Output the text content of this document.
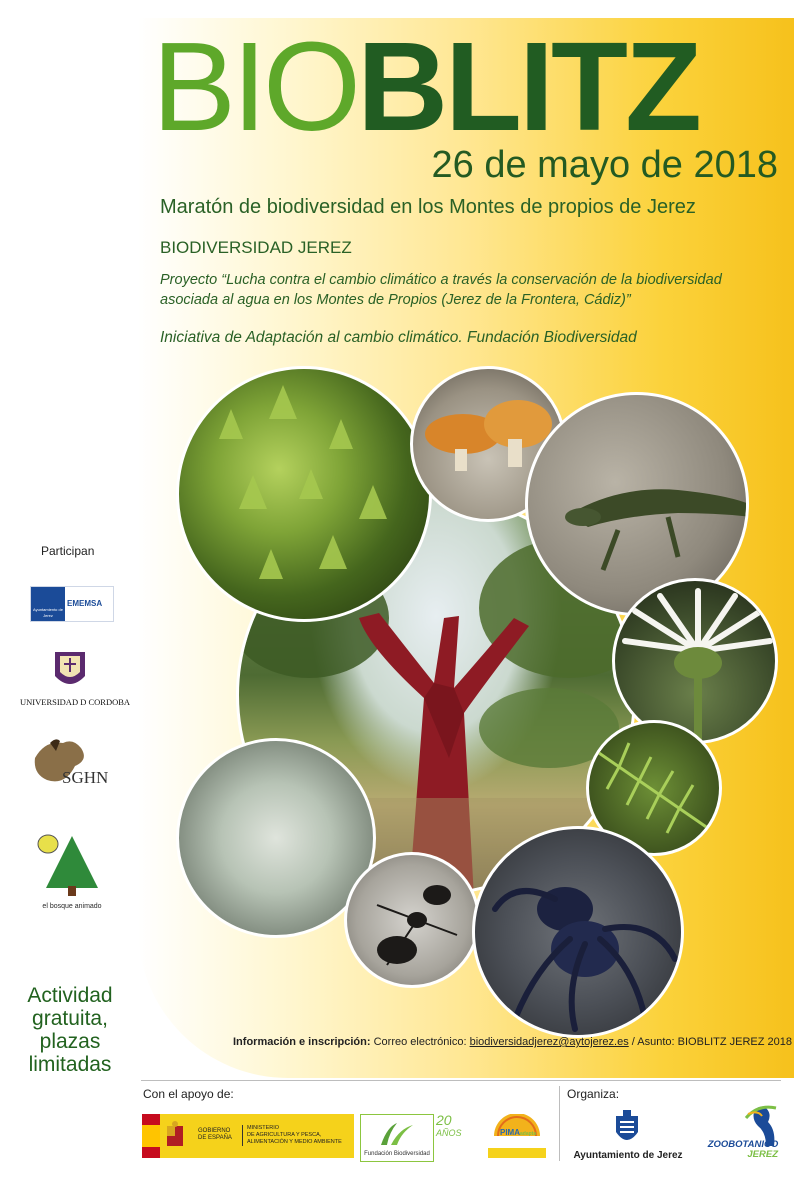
BIOBLITZ
26 de mayo de 2018
Maratón de biodiversidad en los Montes de propios de Jerez
BIODIVERSIDAD JEREZ
Proyecto “Lucha contra el cambio climático a través la conservación de la biodiversidad
asociada al agua en los Montes de Propios (Jerez de la Frontera, Cádiz)”
Iniciativa de Adaptación al cambio climático. Fundación Biodiversidad
Participan
Ayuntamiento de Jerez
EMEMSA
UNIVERSIDAD D CORDOBA
SGHN
el bosque animado
Actividad
gratuita,
plazas
limitadas
Información e inscripción: Correo electrónico: biodiversidadjerez@aytojerez.es / Asunto: BIOBLITZ JEREZ 2018
Con el apoyo de:
GOBIERNO
DE ESPAÑA
MINISTERIO
DE AGRICULTURA Y PESCA,
ALIMENTACIÓN Y MEDIO AMBIENTE
Fundación Biodiversidad
20
AÑOS	PIMAadapta
Organiza:
Ayuntamiento de Jerez
ZOOBOTANICO
JEREZ
